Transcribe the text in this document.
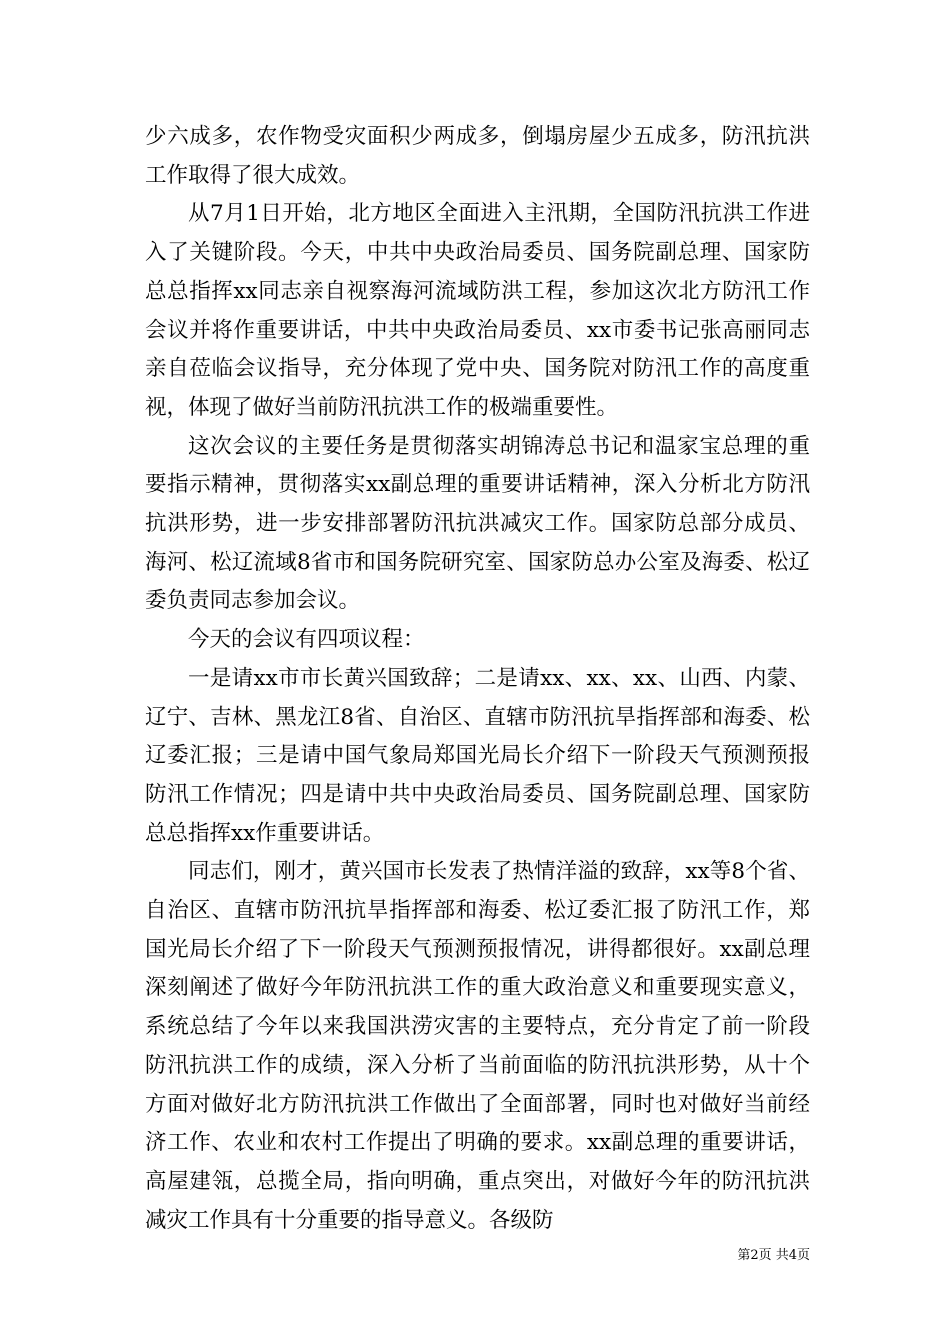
少六成多，农作物受灾面积少两成多，倒塌房屋少五成多，防汛抗洪工作取得了很大成效。

从7月1日开始，北方地区全面进入主汛期，全国防汛抗洪工作进入了关键阶段。今天，中共中央政治局委员、国务院副总理、国家防总总指挥xx同志亲自视察海河流域防洪工程，参加这次北方防汛工作会议并将作重要讲话，中共中央政治局委员、xx市委书记张高丽同志亲自莅临会议指导，充分体现了党中央、国务院对防汛工作的高度重视，体现了做好当前防汛抗洪工作的极端重要性。

这次会议的主要任务是贯彻落实胡锦涛总书记和温家宝总理的重要指示精神，贯彻落实xx副总理的重要讲话精神，深入分析北方防汛抗洪形势，进一步安排部署防汛抗洪减灾工作。国家防总部分成员、海河、松辽流域8省市和国务院研究室、国家防总办公室及海委、松辽委负责同志参加会议。

今天的会议有四项议程：

一是请xx市市长黄兴国致辞；二是请xx、xx、xx、山西、内蒙、辽宁、吉林、黑龙江8省、自治区、直辖市防汛抗旱指挥部和海委、松辽委汇报；三是请中国气象局郑国光局长介绍下一阶段天气预测预报防汛工作情况；四是请中共中央政治局委员、国务院副总理、国家防总总指挥xx作重要讲话。

同志们，刚才，黄兴国市长发表了热情洋溢的致辞，xx等8个省、自治区、直辖市防汛抗旱指挥部和海委、松辽委汇报了防汛工作，郑国光局长介绍了下一阶段天气预测预报情况，讲得都很好。xx副总理深刻阐述了做好今年防汛抗洪工作的重大政治意义和重要现实意义，系统总结了今年以来我国洪涝灾害的主要特点，充分肯定了前一阶段防汛抗洪工作的成绩，深入分析了当前面临的防汛抗洪形势，从十个方面对做好北方防汛抗洪工作做出了全面部署，同时也对做好当前经济工作、农业和农村工作提出了明确的要求。xx副总理的重要讲话，高屋建瓴，总揽全局，指向明确，重点突出，对做好今年的防汛抗洪减灾工作具有十分重要的指导意义。各级防

第2页 共4页
